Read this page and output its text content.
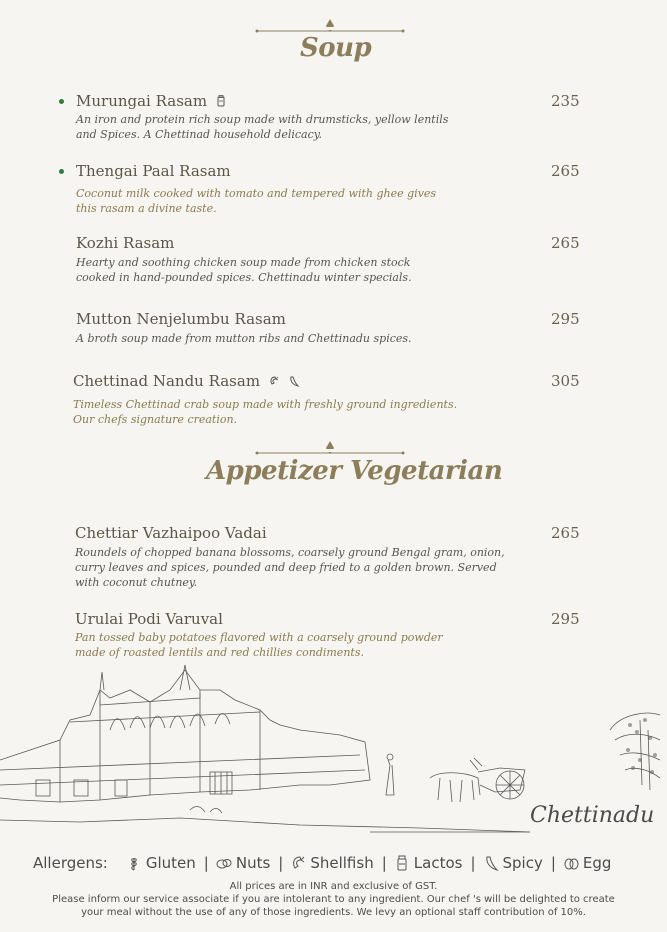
Soup
Murungai Rasam	235

An iron and protein rich soup made with drumsticks, yellow lentils and Spices. A Chettinad household delicacy.

Thengai Paal Rasam	265

Coconut milk cooked with tomato and tempered with ghee gives this rasam a divine taste.

Kozhi Rasam	265

Hearty and soothing chicken soup made from chicken stock cooked in hand-pounded spices. Chettinadu winter specials.

Mutton Nenjelumbu Rasam	295

A broth soup made from mutton ribs and Chettinadu spices.

Chettinad Nandu Rasam	305

Timeless Chettinad crab soup made with freshly ground ingredients. Our chefs signature creation.

Appetizer Vegetarian
Chettiar Vazhaipoo Vadai	265

Roundels of chopped banana blossoms, coarsely ground Bengal gram, onion, curry leaves and spices, pounded and deep fried to a golden brown. Served with coconut chutney.

Urulai Podi Varuval	295

Pan tossed baby potatoes flavored with a coarsely ground powder made of roasted lentils and red chillies condiments.

Chettinadu
Allergens:	Gluten | Nuts | Shellfish | Lactos | Spicy | Egg
All prices are in INR and exclusive of GST.
Please inform our service associate if you are intolerant to any ingredient. Our chef 's will be delighted to create
your meal without the use of any of those ingredients. We levy an optional staff contribution of 10%.
